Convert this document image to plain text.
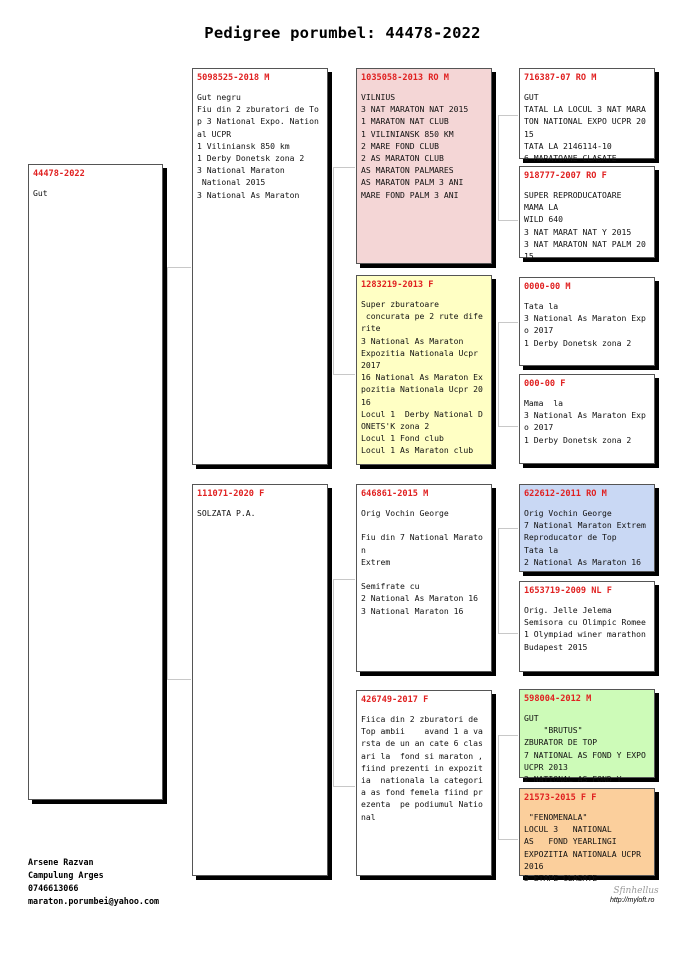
Pedigree porumbel: 44478-2022
44478-2022
Gut
5098525-2018 M
Gut negru
Fiu din 2 zburatori de Top 3 National Expo. National UCPR
1 Viliniansk 850 km
1 Derby Donetsk zona 2
3 National Maraton
National 2015
3 National As Maraton
111071-2020 F
SOLZATA P.A.
1035058-2013 RO M
VILNIUS
3 NAT MARATON NAT 2015
1 MARATON NAT CLUB
1 VILINIANSK 850 KM
2 MARE FOND CLUB
2 AS MARATON CLUB
AS MARATON PALMARES
AS MARATON PALM 3 ANI
MARE FOND PALM 3 ANI
1283219-2013 F
Super zburatoare
concurata pe 2 rute diferite
3 National As Maraton
Expozitia Nationala Ucpr 2017
16 National As Maraton Expozitia Nationala Ucpr 2016
Locul 1  Derby National DONETS'K zona 2
Locul 1 Fond club
Locul 1 As Maraton club
646861-2015 M
Orig Vochin George

Fiu din 7 National Maraton
Extrem

Semifrate cu
2 National As Maraton 16
3 National Maraton 16
426749-2017 F
Fiica din 2 zburatori de Top ambii    avand 1 a varsta de un an cate 6 clasari la  fond si maraton ,fiind prezenti in expozitia  nationala la categoria as fond femela fiind prezenta  pe podiumul National
716387-07 RO M
GUT
TATAL LA LOCUL 3 NAT MARATON NATIONAL EXPO UCPR 2015
TATA LA 2146114-10
6 MARATOANE CLASATE
918777-2007 RO F
SUPER REPRODUCATOARE
MAMA LA
WILD 640
3 NAT MARAT NAT Y 2015
3 NAT MARATON NAT PALM 2015
0000-00 M
Tata la
3 National As Maraton Expo 2017
1 Derby Donetsk zona 2
000-00 F
Mama  la
3 National As Maraton Expo 2017
1 Derby Donetsk zona 2
622612-2011 RO M
Orig Vochin George
7 National Maraton Extrem
Reproducator de Top
Tata la
2 National As Maraton 16
1653719-2009 NL F
Orig. Jelle Jelema
Semisora cu Olimpic Romee
1 Olympiad winer marathon
Budapest 2015
598004-2012 M
GUT
"BRUTUS"
ZBURATOR DE TOP
7 NATIONAL AS FOND Y EXPO UCPR 2013
2 NATIONAL AS FOND Y
21573-2015 F F
"FENOMENALA"
LOCUL 3   NATIONAL
AS   FOND YEARLINGI
EXPOZITIA NATIONALA UCPR 2016
5 ETAPE CLASATE
Arsene Razvan
Campulung Arges
0746613066
maraton.porumbei@yahoo.com
Sfinhellus
http://myloft.ro
